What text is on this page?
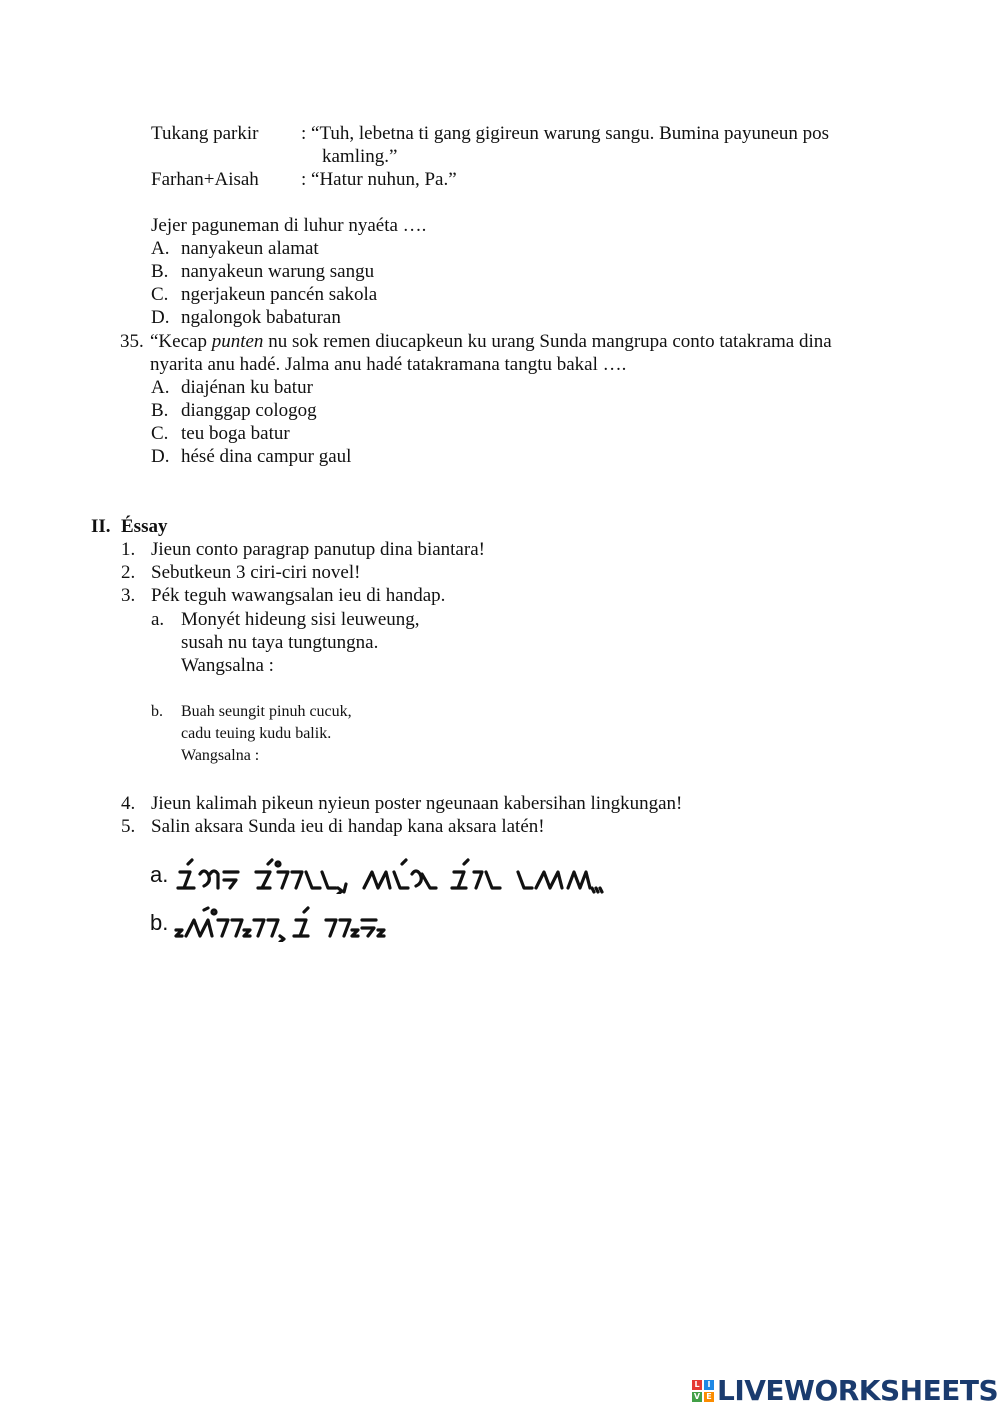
Tukang parkir : “Tuh, lebetna ti gang gigireun warung sangu. Bumina payuneun pos
kamling.”
Farhan+Aisah : “Hatur nuhun, Pa.”
Jejer paguneman di luhur nyaéta ….
A. nanyakeun alamat
B. nanyakeun warung sangu
C. ngerjakeun pancén sakola
D. ngalongok babaturan
35. “Kecap punten nu sok remen diucapkeun ku urang Sunda mangrupa conto tatakrama dina
nyarita anu hadé. Jalma anu hadé tatakramana tangtu bakal ….
A. diajénan ku batur
B. dianggap cologog
C. teu boga batur
D. hésé dina campur gaul
II. Éssay
1. Jieun conto paragrap panutup dina biantara!
2. Sebutkeun 3 ciri-ciri novel!
3. Pék teguh wawangsalan ieu di handap.
a. Monyét hideung sisi leuweung,
susah nu taya tungtungna.
Wangsalna :
b. Buah seungit pinuh cucuk,
cadu teuing kudu balik.
Wangsalna :
4. Jieun kalimah pikeun nyieun poster ngeunaan kabersihan lingkungan!
5. Salin aksara Sunda ieu di handap kana aksara latén!
a.
b.
L I
V E LIVEWORKSHEETS
